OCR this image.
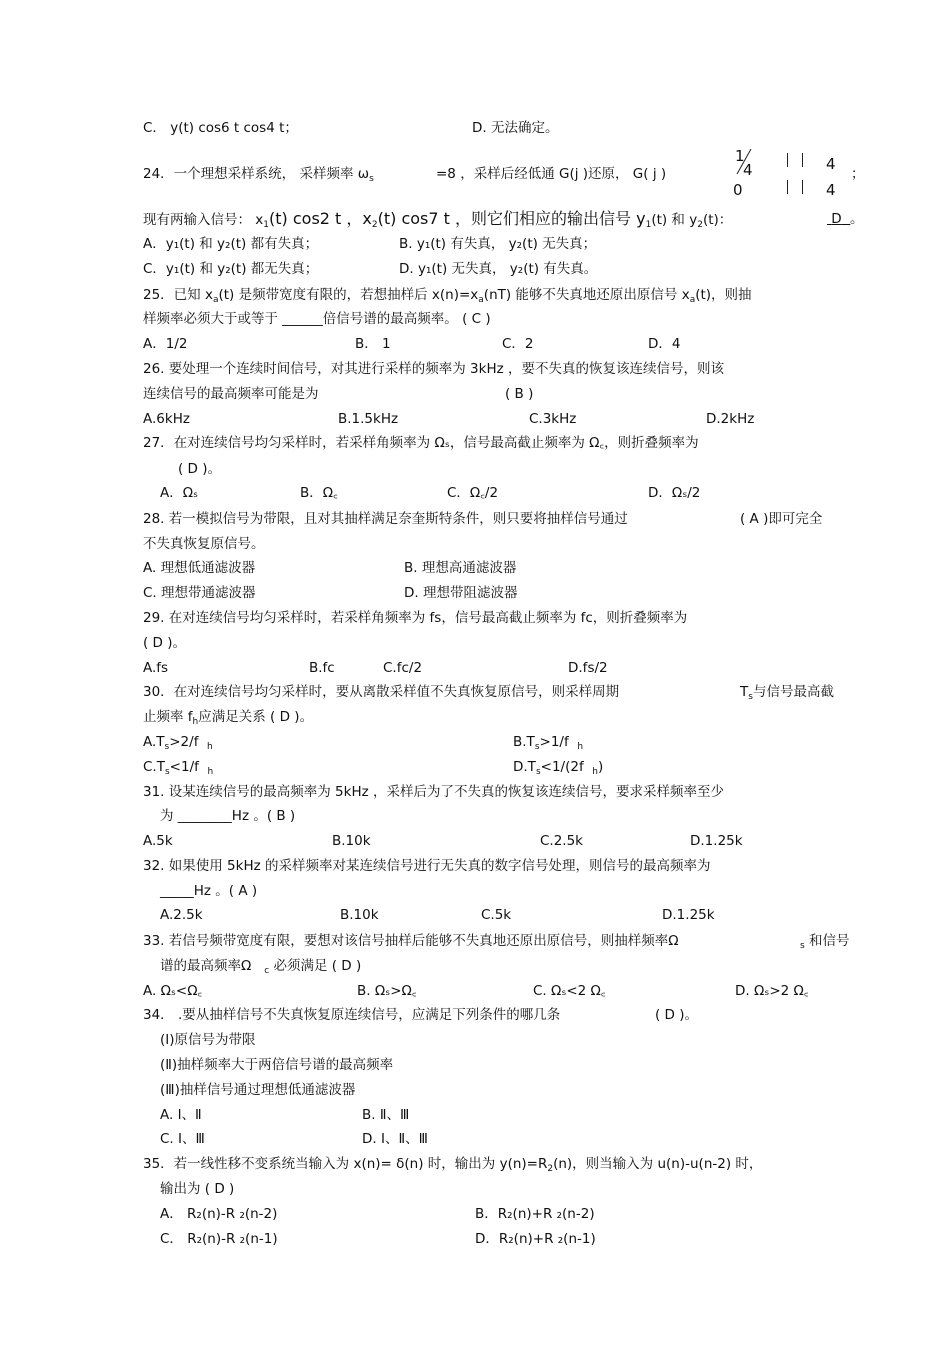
C． y(t) cos6 t cos4 t；	D. 无法确定。
24．一个理想采样系统， 采样频率 $\omega_s$	=8 ，采样后经低通 G(j )还原， G( j )
1
4
0
4
4
；
现有两输入信号： $x_1(t)$ cos2 t ，$x_2(t)$ cos7 t ，则它们相应的输出信号 $y_1(t)$ 和 $y_2(t)$：	D 。
A．y₁(t) 和 y₂(t) 都有失真；	B. y₁(t) 有失真， y₂(t) 无失真；
C．y₁(t) 和 y₂(t) 都无失真；	D. y₁(t) 无失真， y₂(t) 有失真。
25．已知 $x_a(t)$ 是频带宽度有限的，若想抽样后 $x(n)=x_a(nT)$ 能够不失真地还原出原信号 $x_a(t)$，则抽
样频率必须大于或等于 ______倍信号谱的最高频率。 ( C )
A．1/2	B． 1	C．2	D．4
26. 要处理一个连续时间信号，对其进行采样的频率为 3kHz ，要不失真的恢复该连续信号，则该
连续信号的最高频率可能是为	( B )
A.6kHz	B.1.5kHz	C.3kHz	D.2kHz
27．在对连续信号均匀采样时，若采样角频率为 Ωₛ，信号最高截止频率为 Ω꜀，则折叠频率为
( D )。
A．Ωₛ	B．Ω꜀	C．Ω꜀/2	D．Ωₛ/2
28. 若一模拟信号为带限，且对其抽样满足奈奎斯特条件，则只要将抽样信号通过	( A )即可完全
不失真恢复原信号。
A. 理想低通滤波器	B. 理想高通滤波器
C. 理想带通滤波器	D. 理想带阻滤波器
29. 在对连续信号均匀采样时，若采样角频率为 fs，信号最高截止频率为 fc，则折叠频率为
( D )。
A.fs	B.fc	C.fc/2	D.fs/2
30．在对连续信号均匀采样时，要从离散采样值不失真恢复原信号，则采样周期	$T_s$与信号最高截
止频率 $f_h$应满足关系 ( D )。
$A.T_s>2/f$ $_h$	$B.T_s>1/f$ $_h$
$C.T_s<1/f$ $_h$	$D.T_s<1/(2f$ $_h$)
31. 设某连续信号的最高频率为 5kHz ，采样后为了不失真的恢复该连续信号，要求采样频率至少
为 ________Hz 。( B )
A.5k	B.10k	C.2.5k	D.1.25k
32. 如果使用 5kHz 的采样频率对某连续信号进行无失真的数字信号处理，则信号的最高频率为
_____Hz 。( A )
A.2.5k	B.10k	C.5k	D.1.25k
33. 若信号频带宽度有限，要想对该信号抽样后能够不失真地还原出原信号，则抽样频率Ω	$_s$ 和信号
谱的最高频率Ω $_c$ 必须满足 ( D )
A. Ωₛ<Ω꜀	B. Ωₛ>Ω꜀	C. Ωₛ<2 Ω꜀	D. Ωₛ>2 Ω꜀
34． .要从抽样信号不失真恢复原连续信号，应满足下列条件的哪几条	( D )。
(Ⅰ)原信号为带限
(Ⅱ)抽样频率大于两倍信号谱的最高频率
(Ⅲ)抽样信号通过理想低通滤波器
A. Ⅰ、Ⅱ	B. Ⅱ、Ⅲ
C. Ⅰ、Ⅲ	D. Ⅰ、Ⅱ、Ⅲ
35．若一线性移不变系统当输入为 x(n)= δ(n) 时，输出为 $y(n)=R_2(n)$，则当输入为 u(n)-u(n-2) 时，
输出为 ( D )
A． R₂(n)-R ₂(n-2)	B．R₂(n)+R ₂(n-2)
C． R₂(n)-R ₂(n-1)	D．R₂(n)+R ₂(n-1)
